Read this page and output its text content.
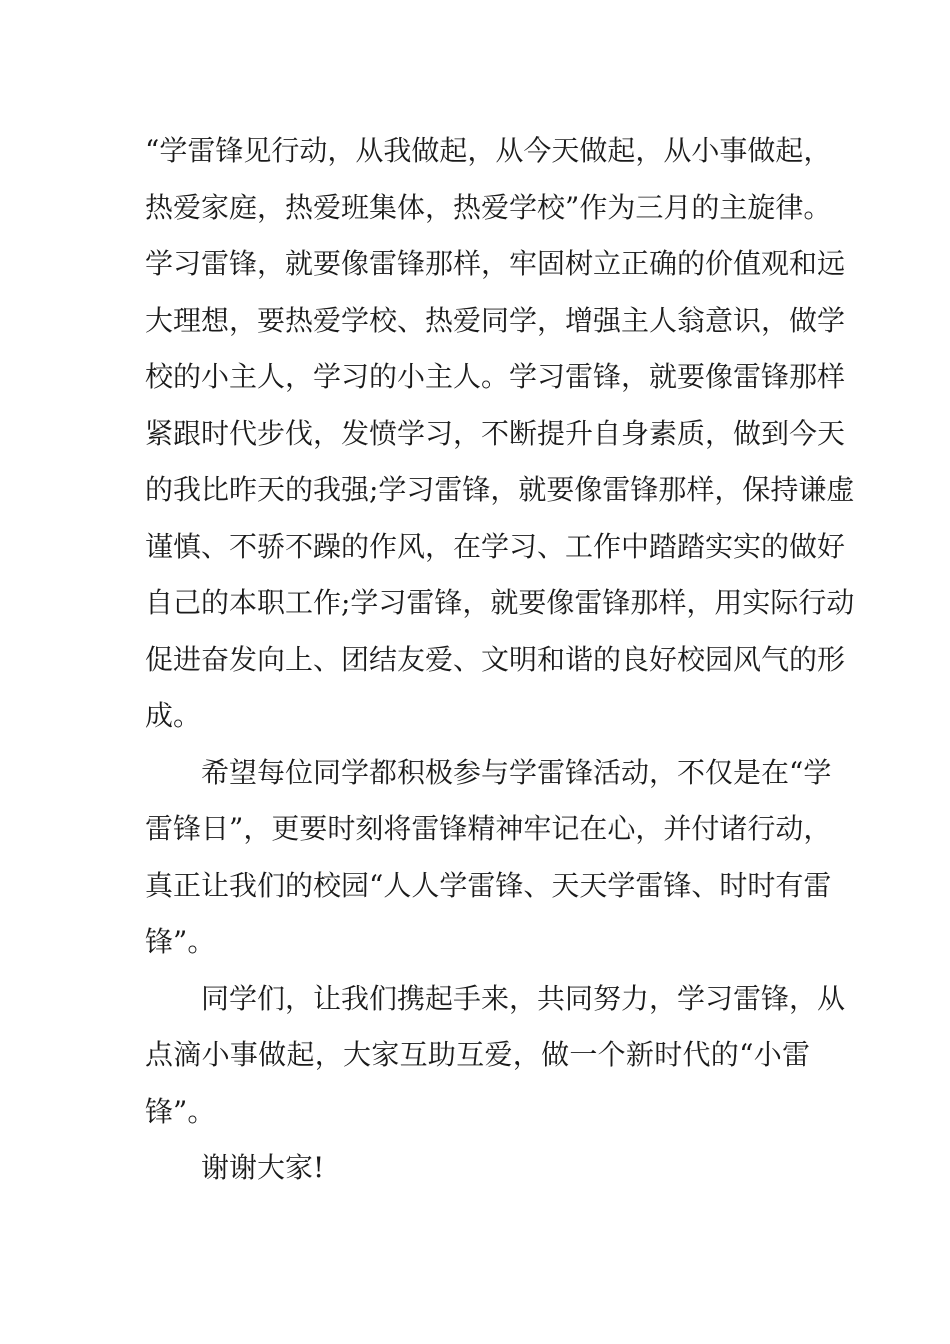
“学雷锋见行动，从我做起，从今天做起，从小事做起，
热爱家庭，热爱班集体，热爱学校”作为三月的主旋律。
学习雷锋，就要像雷锋那样，牢固树立正确的价值观和远
大理想，要热爱学校、热爱同学，增强主人翁意识，做学
校的小主人，学习的小主人。学习雷锋，就要像雷锋那样
紧跟时代步伐，发愤学习，不断提升自身素质，做到今天
的我比昨天的我强;学习雷锋，就要像雷锋那样，保持谦虚
谨慎、不骄不躁的作风，在学习、工作中踏踏实实的做好
自己的本职工作;学习雷锋，就要像雷锋那样，用实际行动
促进奋发向上、团结友爱、文明和谐的良好校园风气的形
成。
希望每位同学都积极参与学雷锋活动，不仅是在“学
雷锋日”，更要时刻将雷锋精神牢记在心，并付诸行动，
真正让我们的校园“人人学雷锋、天天学雷锋、时时有雷
锋”。
同学们，让我们携起手来，共同努力，学习雷锋，从
点滴小事做起，大家互助互爱，做一个新时代的“小雷
锋”。
谢谢大家!
